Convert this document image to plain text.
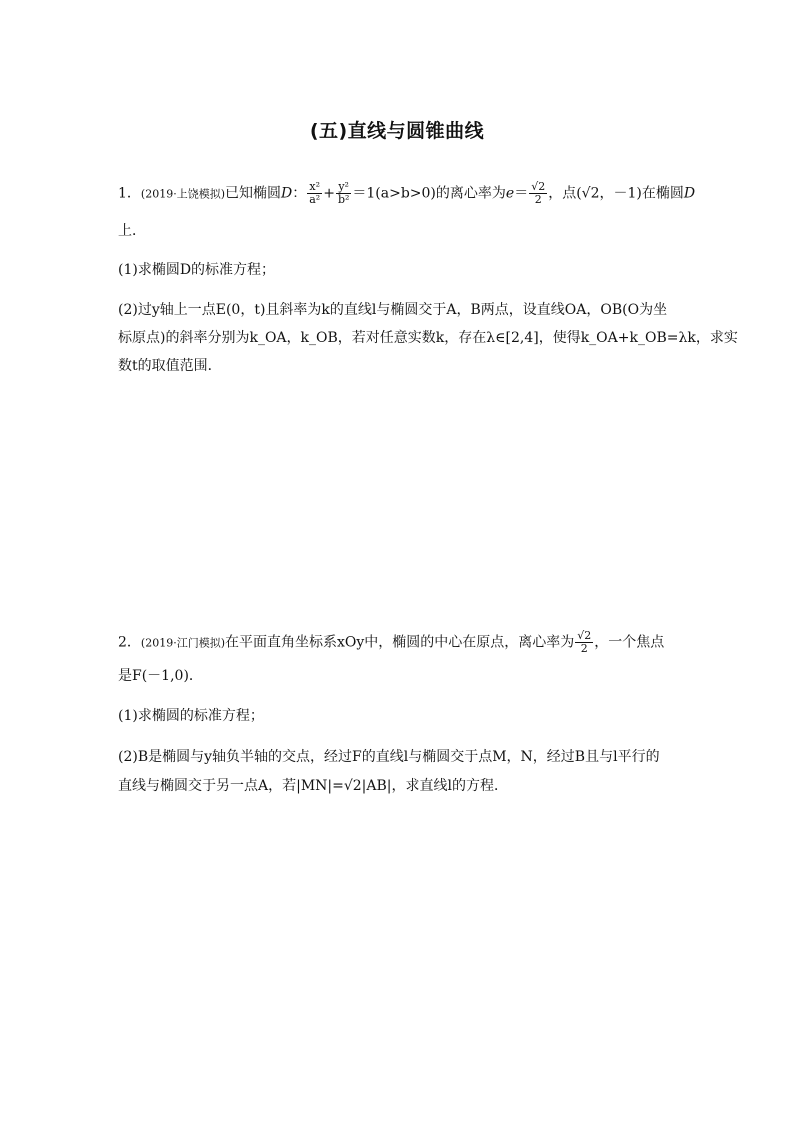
(五)直线与圆锥曲线
1．(2019·上饶模拟)已知椭圆D： $\frac{\text{x²}}{\text{a²}} + \frac{\text{y²}}{\text{b²}} =1(a>b>0)$的离心率为$e= \frac{√2}{2}$ ，点(√2，－1)在椭圆D
上．
(1)求椭圆D的标准方程；
(2)过y轴上一点E(0，t)且斜率为k的直线l与椭圆交于A，B两点，设直线OA，OB(O为坐
标原点)的斜率分别为k_OA，k_OB，若对任意实数k，存在λ∈[2,4]，使得k_OA+k_OB=λk，求实
数t的取值范围．
2．(2019·江门模拟)在平面直角坐标系xOy中，椭圆的中心在原点，离心率为 $\frac{√2}{2}$ ，一个焦点
是F(－1,0)．
(1)求椭圆的标准方程；
(2)B是椭圆与y轴负半轴的交点，经过F的直线l与椭圆交于点M，N，经过B且与l平行的
直线与椭圆交于另一点A，若|MN|=√2|AB|，求直线l的方程．
